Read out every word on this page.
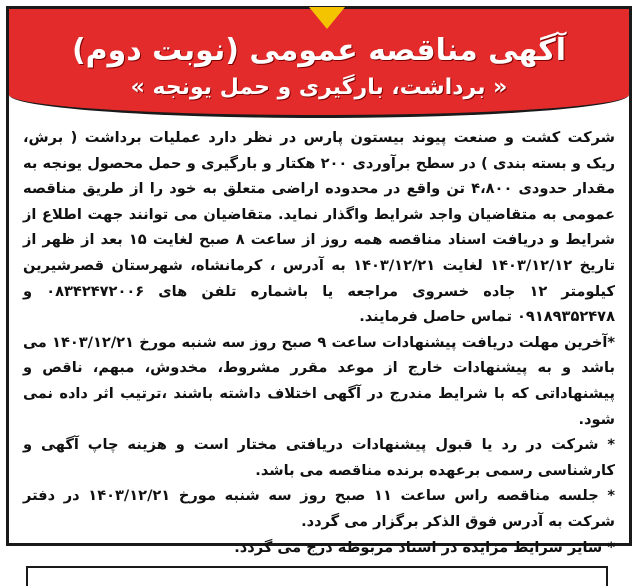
آگهی مناقصه عمومی (نوبت دوم)
« برداشت، بارگیری و حمل یونجه »

شرکت کشت و صنعت پیوند بیستون پارس در نظر دارد عملیات برداشت ( برش، ریک و بسته بندی ) در سطح برآوردی ۲۰۰ هکتار و بارگیری و حمل محصول یونجه به مقدار حدودی ۴،۸۰۰ تن واقع در محدوده اراضی متعلق به خود را از طریق مناقصه عمومی به متقاضیان واجد شرایط واگذار نماید. متقاضیان می توانند جهت اطلاع از شرایط و دریافت اسناد مناقصه همه روز از ساعت ۸ صبح لغایت ۱۵ بعد از ظهر از تاریخ ۱۴۰۳/۱۲/۱۲ لغایت ۱۴۰۳/۱۲/۲۱ به آدرس ، کرمانشاه، شهرستان قصرشیرین کیلومتر ۱۲ جاده خسروی مراجعه یا باشماره تلفن های ۰۸۳۴۲۴۷۲۰۰۶ و ۰۹۱۸۹۳۵۲۴۷۸ تماس حاصل فرمایند.

*آخرین مهلت دریافت پیشنهادات ساعت ۹ صبح روز سه شنبه مورخ ۱۴۰۳/۱۲/۲۱ می باشد و به پیشنهادات خارج از موعد مقرر مشروط، مخدوش، مبهم، ناقص و پیشنهاداتی که با شرایط مندرج در آگهی اختلاف داشته باشند ،ترتیب اثر داده نمی شود.

* شرکت در رد یا قبول پیشنهادات دریافتی مختار است و هزینه چاپ آگهی و کارشناسی رسمی برعهده برنده مناقصه می باشد.

* جلسه مناقصه راس ساعت ۱۱ صبح روز سه شنبه مورخ ۱۴۰۳/۱۲/۲۱ در دفتر شرکت به آدرس فوق الذکر برگزار می گردد.

* سایر شرایط مزایده در اسناد مربوطه درج می گردد.
